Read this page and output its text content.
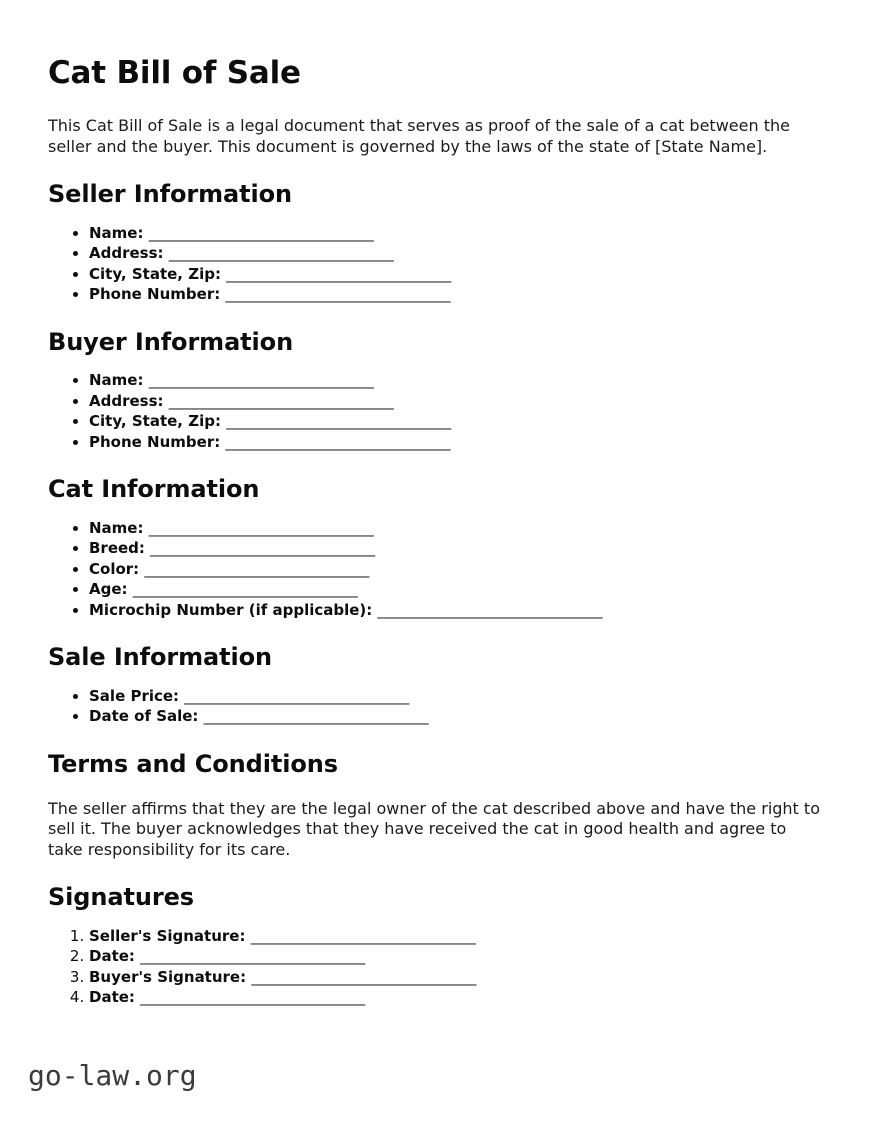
Cat Bill of Sale

This Cat Bill of Sale is a legal document that serves as proof of the sale of a cat between the seller and the buyer. This document is governed by the laws of the state of [State Name].

Seller Information
• Name: ______________________________
• Address: ______________________________
• City, State, Zip: ______________________________
• Phone Number: ______________________________
Buyer Information
• Name: ______________________________
• Address: ______________________________
• City, State, Zip: ______________________________
• Phone Number: ______________________________
Cat Information
• Name: ______________________________
• Breed: ______________________________
• Color: ______________________________
• Age: ______________________________
• Microchip Number (if applicable): ______________________________
Sale Information
• Sale Price: ______________________________
• Date of Sale: ______________________________
Terms and Conditions

The seller affirms that they are the legal owner of the cat described above and have the right to sell it. The buyer acknowledges that they have received the cat in good health and agree to take responsibility for its care.

Signatures
1. Seller's Signature: ______________________________
2. Date: ______________________________
3. Buyer's Signature: ______________________________
4. Date: ______________________________
go-law.org
